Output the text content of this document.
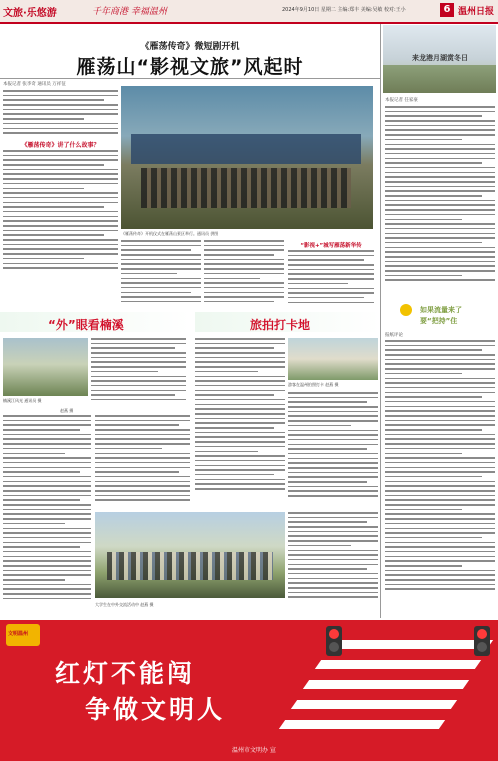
文旅·乐悠游	千年商港 幸福温州	2024年9月10日 星期二 主编:郑丰 美编:吴敏 校对:王小	6 温州日报
《雁荡传奇》微短剧开机
雁荡山“影视文旅”风起时
本报记者 张李奇 通讯员 万祥征
《雁荡传奇》讲了什么故事？
《雁荡传奇》开机仪式在雁荡山景区举行。通讯员 供图
“影视+”城写雁荡新华传
“外”眼看楠溪	旅拍打卡地
楠溪江风光 通讯员 摄
赵燕 摄
游客在温州拍照打卡 赵燕 摄
大学生在中外交流活动中 赵燕 摄
来龙港月湖赏冬日
本报记者 任家豪
如果流量来了
要“把持”住
报纸评论
文明温州
红灯不能闯
争做文明人
温州市文明办 宣
